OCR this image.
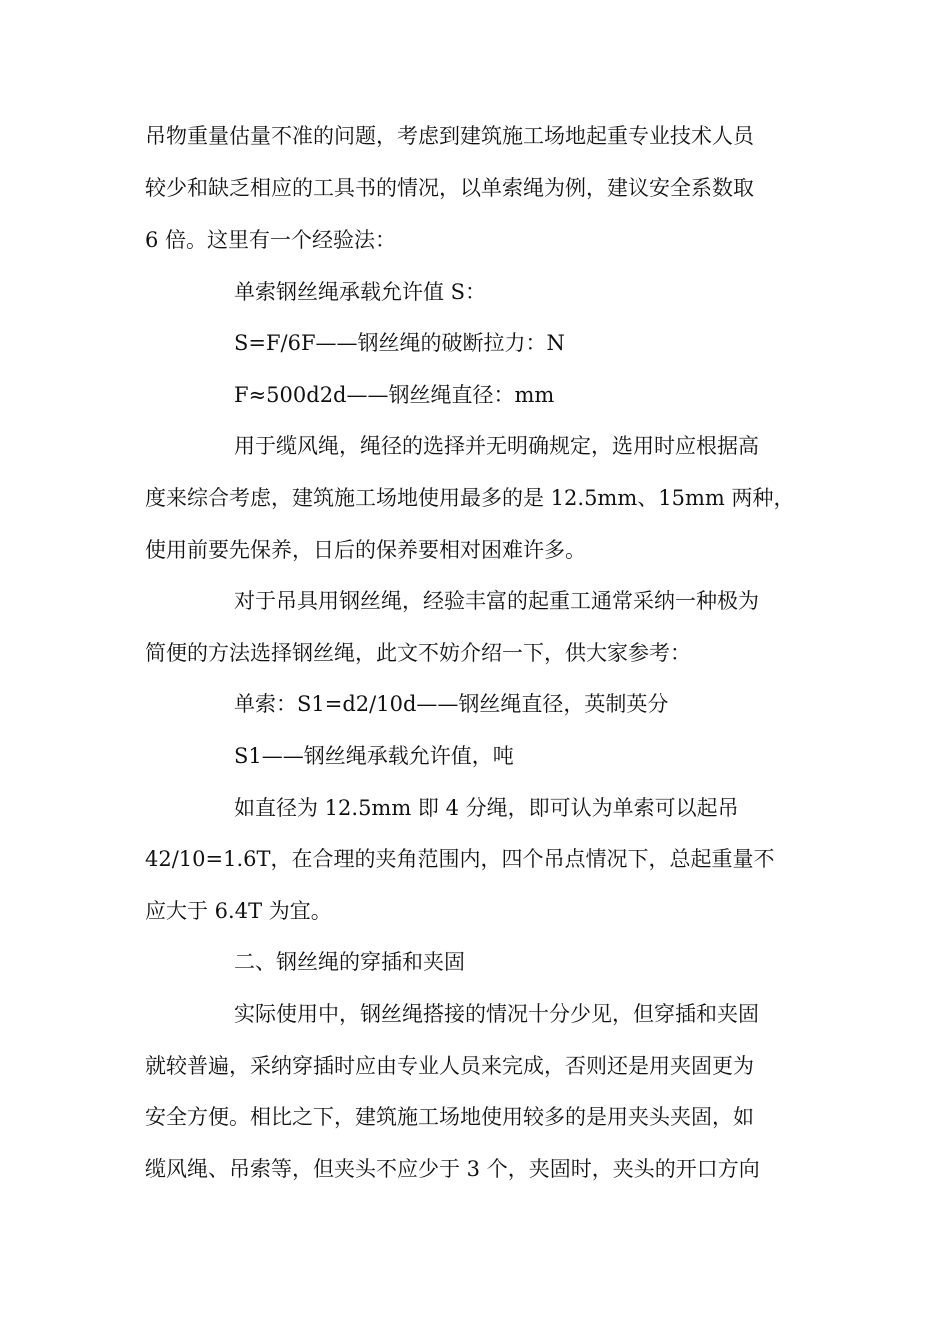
吊物重量估量不准的问题，考虑到建筑施工场地起重专业技术人员
较少和缺乏相应的工具书的情况，以单索绳为例，建议安全系数取
6 倍。这里有一个经验法：
单索钢丝绳承载允许值 S：
S=F/6F——钢丝绳的破断拉力：N
F≈500d2d——钢丝绳直径：mm
用于缆风绳，绳径的选择并无明确规定，选用时应根据高
度来综合考虑，建筑施工场地使用最多的是 12.5mm、15mm 两种，
使用前要先保养，日后的保养要相对困难许多。
对于吊具用钢丝绳，经验丰富的起重工通常采纳一种极为
简便的方法选择钢丝绳，此文不妨介绍一下，供大家参考：
单索：S1=d2/10d——钢丝绳直径，英制英分
S1——钢丝绳承载允许值，吨
如直径为 12.5mm 即 4 分绳，即可认为单索可以起吊
42/10=1.6T，在合理的夹角范围内，四个吊点情况下，总起重量不
应大于 6.4T 为宜。
二、钢丝绳的穿插和夹固
实际使用中，钢丝绳搭接的情况十分少见，但穿插和夹固
就较普遍，采纳穿插时应由专业人员来完成，否则还是用夹固更为
安全方便。相比之下，建筑施工场地使用较多的是用夹头夹固，如
缆风绳、吊索等，但夹头不应少于 3 个，夹固时，夹头的开口方向
